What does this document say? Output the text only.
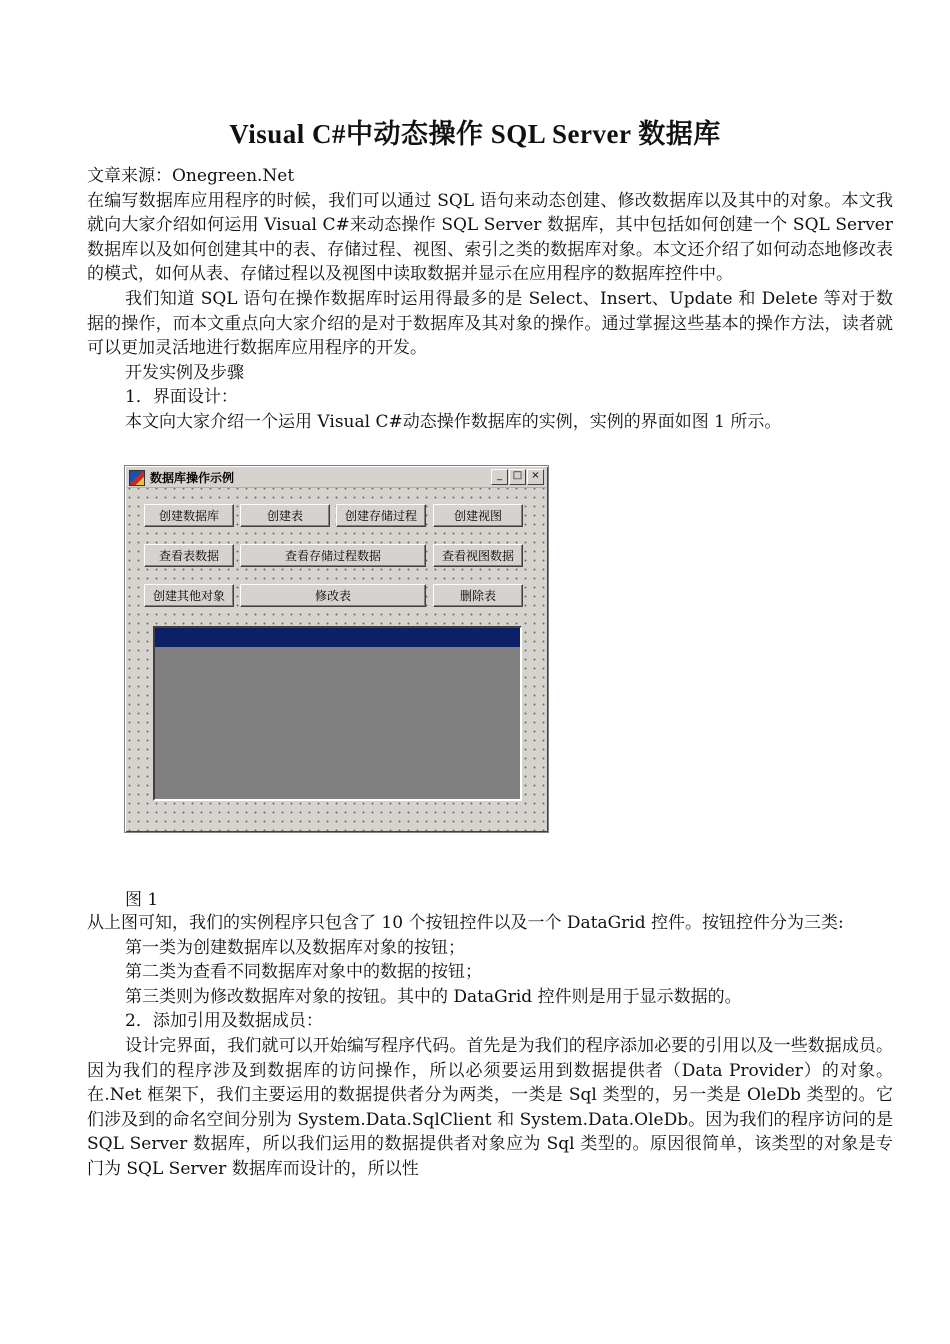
Visual C#中动态操作 SQL Server 数据库

文章来源：Onegreen.Net

在编写数据库应用程序的时候，我们可以通过 SQL 语句来动态创建、修改数据库以及其中的对象。本文我就向大家介绍如何运用 Visual C#来动态操作 SQL Server 数据库，其中包括如何创建一个 SQL Server 数据库以及如何创建其中的表、存储过程、视图、索引之类的数据库对象。本文还介绍了如何动态地修改表的模式，如何从表、存储过程以及视图中读取数据并显示在应用程序的数据库控件中。

我们知道 SQL 语句在操作数据库时运用得最多的是 Select、Insert、Update 和 Delete 等对于数据的操作，而本文重点向大家介绍的是对于数据库及其对象的操作。通过掌握这些基本的操作方法，读者就可以更加灵活地进行数据库应用程序的开发。

开发实例及步骤

1．界面设计：

本文向大家介绍一个运用 Visual C#动态操作数据库的实例，实例的界面如图 1 所示。

数据库操作示例	_	□ ×
创建数据库	创建表	创建存储过程	创建视图
查看表数据	查看存储过程数据	查看视图数据
创建其他对象	修改表	删除表
图 1

从上图可知，我们的实例程序只包含了 10 个按钮控件以及一个 DataGrid 控件。按钮控件分为三类:

第一类为创建数据库以及数据库对象的按钮；

第二类为查看不同数据库对象中的数据的按钮；

第三类则为修改数据库对象的按钮。其中的 DataGrid 控件则是用于显示数据的。

2．添加引用及数据成员：

设计完界面，我们就可以开始编写程序代码。首先是为我们的程序添加必要的引用以及一些数据成员。因为我们的程序涉及到数据库的访问操作，所以必须要运用到数据提供者（Data Provider）的对象。在.Net 框架下，我们主要运用的数据提供者分为两类，一类是 Sql 类型的，另一类是 OleDb 类型的。它们涉及到的命名空间分别为 System.Data.SqlClient 和 System.Data.OleDb。因为我们的程序访问的是 SQL Server 数据库，所以我们运用的数据提供者对象应为 Sql 类型的。原因很简单，该类型的对象是专门为 SQL Server 数据库而设计的，所以性
